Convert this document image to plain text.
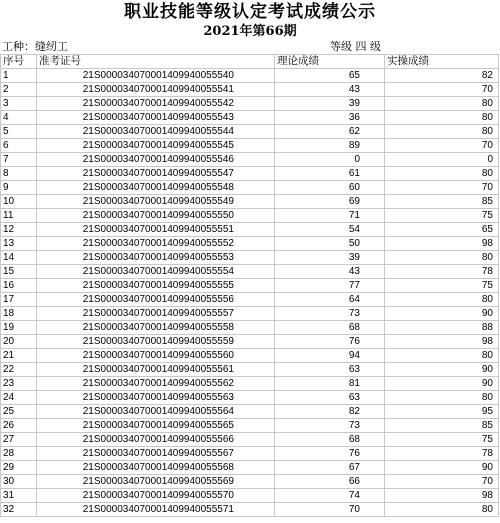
职业技能等级认定考试成绩公示
2021年第66期
工种：缝纫工	等级 四 级
序号	准考证号	理论成绩	实操成绩
1	21S000034070001409940055540	65	82
2	21S000034070001409940055541	43	70
3	21S000034070001409940055542	39	80
4	21S000034070001409940055543	36	80
5	21S000034070001409940055544	62	80
6	21S000034070001409940055545	89	70
7	21S000034070001409940055546	0	0
8	21S000034070001409940055547	61	80
9	21S000034070001409940055548	60	70
10	21S000034070001409940055549	69	85
11	21S000034070001409940055550	71	75
12	21S000034070001409940055551	54	65
13	21S000034070001409940055552	50	98
14	21S000034070001409940055553	39	80
15	21S000034070001409940055554	43	78
16	21S000034070001409940055555	77	75
17	21S000034070001409940055556	64	80
18	21S000034070001409940055557	73	90
19	21S000034070001409940055558	68	88
20	21S000034070001409940055559	76	98
21	21S000034070001409940055560	94	80
22	21S000034070001409940055561	63	90
23	21S000034070001409940055562	81	90
24	21S000034070001409940055563	63	80
25	21S000034070001409940055564	82	95
26	21S000034070001409940055565	73	85
27	21S000034070001409940055566	68	75
28	21S000034070001409940055567	76	78
29	21S000034070001409940055568	67	90
30	21S000034070001409940055569	66	70
31	21S000034070001409940055570	74	98
32	21S000034070001409940055571	70	80
